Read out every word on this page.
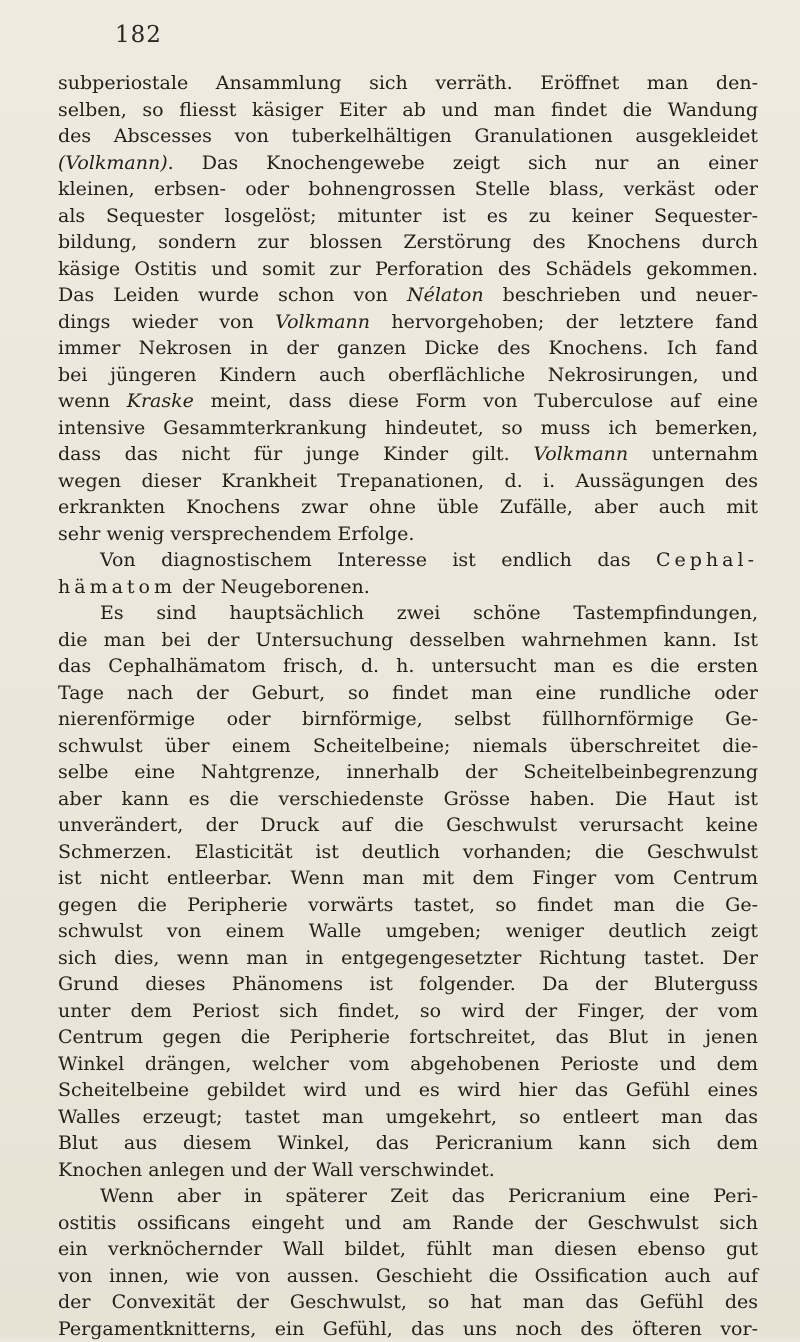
182
subperiostale Ansammlung sich verräth. Eröffnet man den-
selben, so fliesst käsiger Eiter ab und man findet die Wandung
des Abscesses von tuberkelhältigen Granulationen ausgekleidet
(Volkmann). Das Knochengewebe zeigt sich nur an einer
kleinen, erbsen- oder bohnengrossen Stelle blass, verkäst oder
als Sequester losgelöst; mitunter ist es zu keiner Sequester-
bildung, sondern zur blossen Zerstörung des Knochens durch
käsige Ostitis und somit zur Perforation des Schädels gekommen.
Das Leiden wurde schon von Nélaton beschrieben und neuer-
dings wieder von Volkmann hervorgehoben; der letztere fand
immer Nekrosen in der ganzen Dicke des Knochens. Ich fand
bei jüngeren Kindern auch oberflächliche Nekrosirungen, und
wenn Kraske meint, dass diese Form von Tuberculose auf eine
intensive Gesammterkrankung hindeutet, so muss ich bemerken,
dass das nicht für junge Kinder gilt. Volkmann unternahm
wegen dieser Krankheit Trepanationen, d. i. Aussägungen des
erkrankten Knochens zwar ohne üble Zufälle, aber auch mit
sehr wenig versprechendem Erfolge.
Von diagnostischem Interesse ist endlich das Cephal-
hämatom der Neugeborenen.
Es sind hauptsächlich zwei schöne Tastempfindungen,
die man bei der Untersuchung desselben wahrnehmen kann. Ist
das Cephalhämatom frisch, d. h. untersucht man es die ersten
Tage nach der Geburt, so findet man eine rundliche oder
nierenförmige oder birnförmige, selbst füllhornförmige Ge-
schwulst über einem Scheitelbeine; niemals überschreitet die-
selbe eine Nahtgrenze, innerhalb der Scheitelbeinbegrenzung
aber kann es die verschiedenste Grösse haben. Die Haut ist
unverändert, der Druck auf die Geschwulst verursacht keine
Schmerzen. Elasticität ist deutlich vorhanden; die Geschwulst
ist nicht entleerbar. Wenn man mit dem Finger vom Centrum
gegen die Peripherie vorwärts tastet, so findet man die Ge-
schwulst von einem Walle umgeben; weniger deutlich zeigt
sich dies, wenn man in entgegengesetzter Richtung tastet. Der
Grund dieses Phänomens ist folgender. Da der Bluterguss
unter dem Periost sich findet, so wird der Finger, der vom
Centrum gegen die Peripherie fortschreitet, das Blut in jenen
Winkel drängen, welcher vom abgehobenen Perioste und dem
Scheitelbeine gebildet wird und es wird hier das Gefühl eines
Walles erzeugt; tastet man umgekehrt, so entleert man das
Blut aus diesem Winkel, das Pericranium kann sich dem
Knochen anlegen und der Wall verschwindet.
Wenn aber in späterer Zeit das Pericranium eine Peri-
ostitis ossificans eingeht und am Rande der Geschwulst sich
ein verknöchernder Wall bildet, fühlt man diesen ebenso gut
von innen, wie von aussen. Geschieht die Ossification auch auf
der Convexität der Geschwulst, so hat man das Gefühl des
Pergamentknitterns, ein Gefühl, das uns noch des öfteren vor-
